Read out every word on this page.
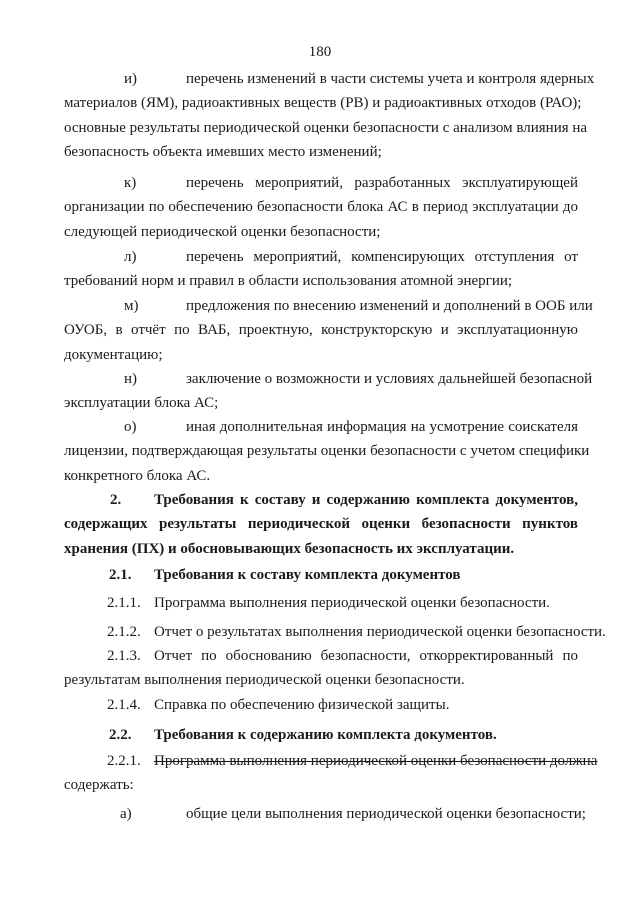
180
и)	перечень изменений в части системы учета и контроля ядерных
материалов (ЯМ), радиоактивных веществ (РВ) и радиоактивных отходов (РАО);
основные результаты периодической оценки безопасности с анализом влияния на
безопасность объекта имевших место изменений;
к)	перечень мероприятий, разработанных эксплуатирующей
организации по обеспечению безопасности блока АС в период эксплуатации до
следующей периодической оценки безопасности;
л)	перечень мероприятий, компенсирующих отступления от
требований норм и правил в области использования атомной энергии;
м)	предложения по внесению изменений и дополнений в ООБ или
ОУОБ, в отчёт по ВАБ, проектную, конструкторскую и эксплуатационную
документацию;
н)	заключение о возможности и условиях дальнейшей безопасной
эксплуатации блока АС;
о)	иная дополнительная информация на усмотрение соискателя
лицензии, подтверждающая результаты оценки безопасности с учетом специфики
конкретного блока АС.
2. Требования к составу и содержанию комплекта документов,
содержащих результаты периодической оценки безопасности пунктов
хранения (ПХ) и обосновывающих безопасность их эксплуатации.
2.1. Требования к составу комплекта документов
2.1.1. Программа выполнения периодической оценки безопасности.
2.1.2. Отчет о результатах выполнения периодической оценки безопасности.
2.1.3. Отчет по обоснованию безопасности, откорректированный по
результатам выполнения периодической оценки безопасности.
2.1.4. Справка по обеспечению физической защиты.
2.2. Требования к содержанию комплекта документов.
2.2.1. Программа выполнения периодической оценки безопасности должна
содержать:
а)	общие цели выполнения периодической оценки безопасности;
